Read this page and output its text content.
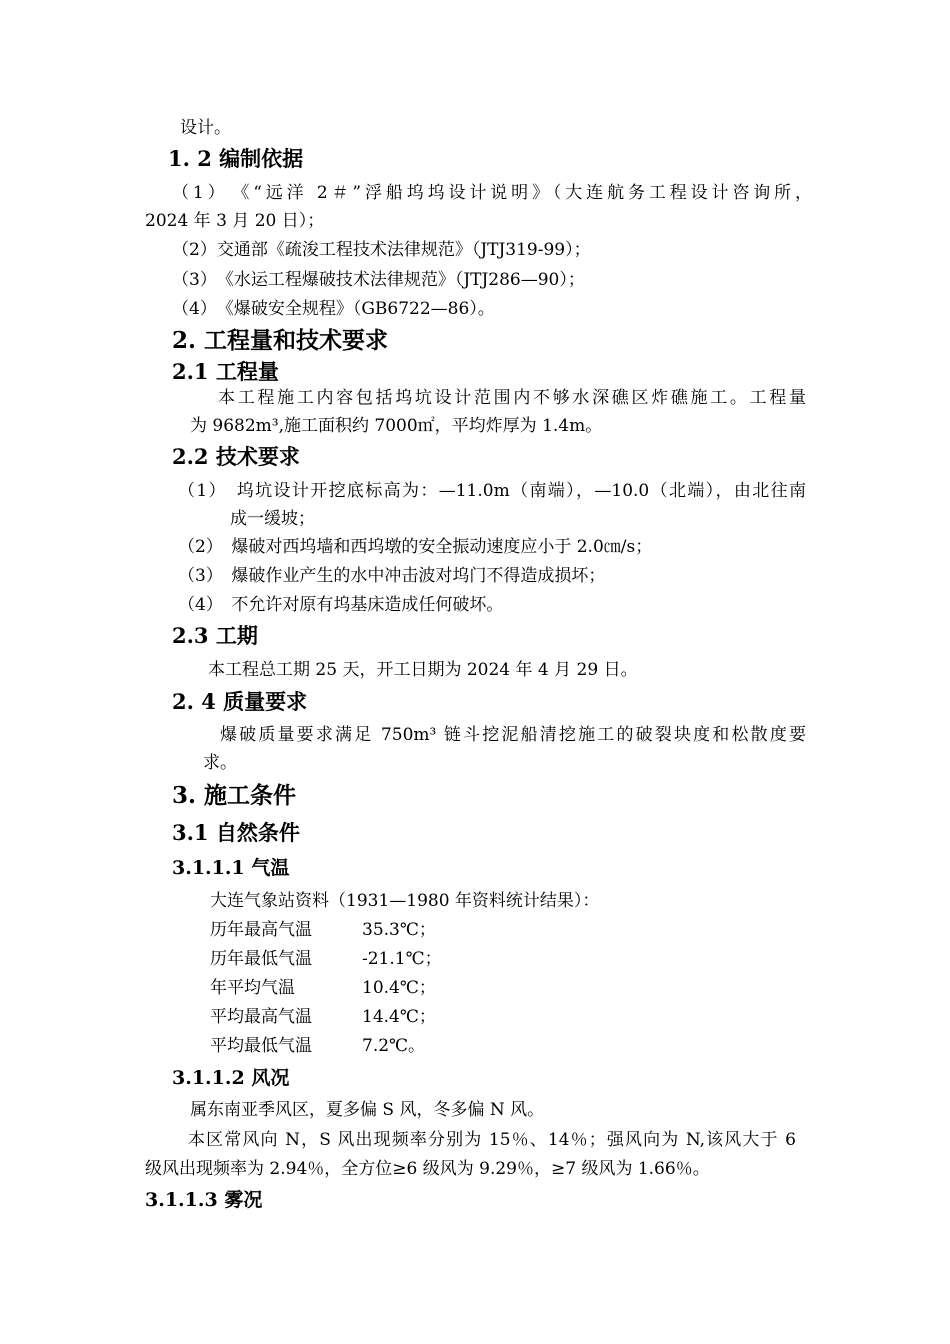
设计。
1. 2 编制依据
（1）　《“远洋 2＃”浮船坞坞设计说明》（大连航务工程设计咨询所，
2024 年 3 月 20 日）；
（2）交通部《疏浚工程技术法律规范》（JTJ319-99）；
（3）　《水运工程爆破技术法律规范》（JTJ286—90）；
（4）　《爆破安全规程》（GB6722—86）。
2. 工程量和技术要求
2.1 工程量
本工程施工内容包括坞坑设计范围内不够水深礁区炸礁施工。工程量
为 9682m³,施工面积约 7000㎡，平均炸厚为 1.4m。
2.2 技术要求
（1）　坞坑设计开挖底标高为：—11.0m（南端），—10.0（北端），由北往南
成一缓坡；
（2）　爆破对西坞墙和西坞墩的安全振动速度应小于 2.0㎝/s；
（3）　爆破作业产生的水中冲击波对坞门不得造成损坏；
（4）　不允许对原有坞基床造成任何破坏。
2.3 工期
本工程总工期 25 天，开工日期为 2024 年 4 月 29 日。
2. 4 质量要求
爆破质量要求满足 750m³ 链斗挖泥船清挖施工的破裂块度和松散度要
求。
3. 施工条件
3.1 自然条件
3.1.1.1 气温
大连气象站资料（1931—1980 年资料统计结果）：
历年最高气温	35.3℃；
历年最低气温	-21.1℃；
年平均气温	10.4℃；
平均最高气温	14.4℃；
平均最低气温	7.2℃。
3.1.1.2 风况
属东南亚季风区，夏多偏 S 风，冬多偏 N 风。
本区常风向 N，S 风出现频率分别为 15％、14％；强风向为 N,该风大于 6
级风出现频率为 2.94％，全方位≥6 级风为 9.29％，≥7 级风为 1.66％。
3.1.1.3 雾况
